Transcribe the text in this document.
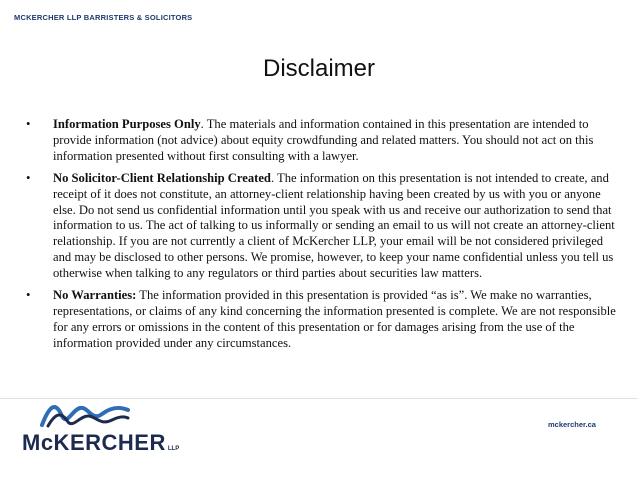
MCKERCHER LLP BARRISTERS & SOLICITORS
Disclaimer
• Information Purposes Only. The materials and information contained in this presentation are intended to provide information (not advice) about equity crowdfunding and related matters. You should not act on this information presented without first consulting with a lawyer.
• No Solicitor-Client Relationship Created. The information on this presentation is not intended to create, and receipt of it does not constitute, an attorney-client relationship having been created by us with you or anyone else. Do not send us confidential information until you speak with us and receive our authorization to send that information to us. The act of talking to us informally or sending an email to us will not create an attorney-client relationship. If you are not currently a client of McKercher LLP, your email will be not considered privileged and may be disclosed to other persons. We promise, however, to keep your name confidential unless you tell us otherwise when talking to any regulators or third parties about securities law matters.
• No Warranties: The information provided in this presentation is provided “as is”. We make no warranties, representations, or claims of any kind concerning the information presented is complete. We are not responsible for any errors or omissions in the content of this presentation or for damages arising from the use of the information provided under any circumstances.
McKERCHER LLP
mckercher.ca
